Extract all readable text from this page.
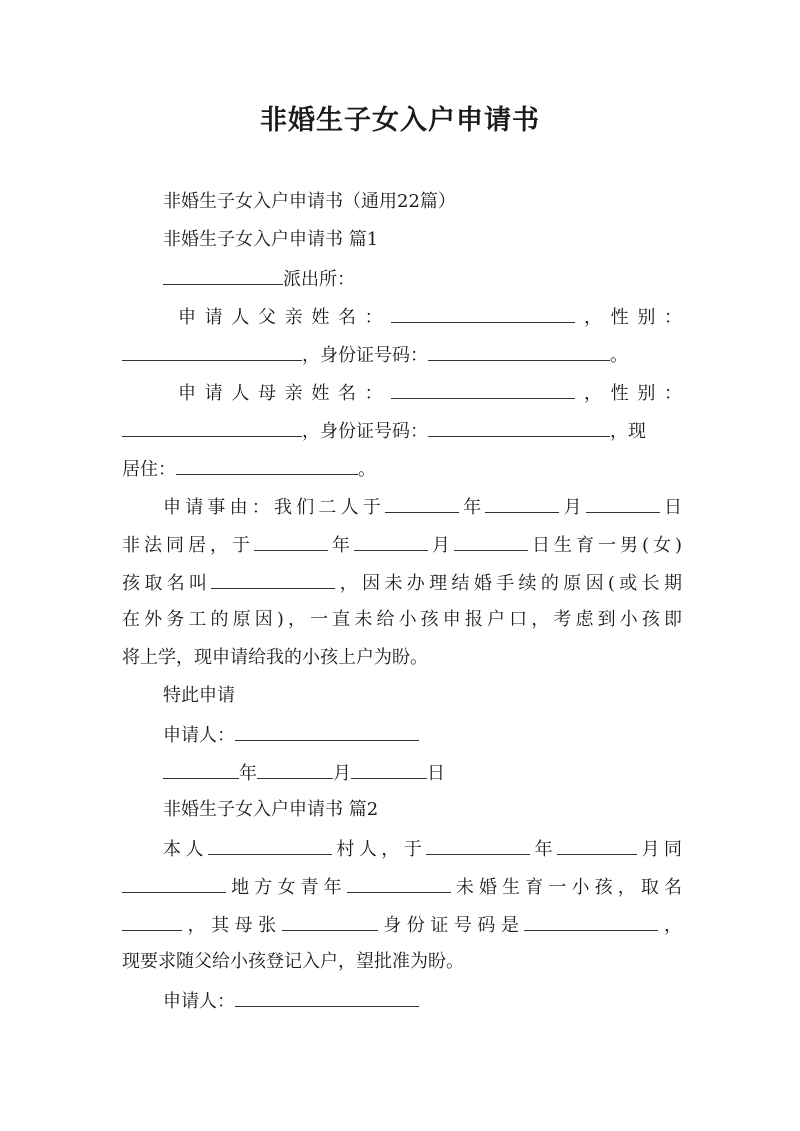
非婚生子女入户申请书
非婚生子女入户申请书（通用22篇）
非婚生子女入户申请书 篇1
派出所：
申请人父亲姓名：	，性别：
，身份证号码：	。
申请人母亲姓名：	，性别：
，身份证号码：	，现
居住：	。
申请事由：我们二人于	年	月	日
非法同居，于	年	月	日生育一男(女)
孩取名叫	，因未办理结婚手续的原因(或长期
在外务工的原因)，一直未给小孩申报户口，考虑到小孩即
将上学，现申请给我的小孩上户为盼。
特此申请
申请人：
年	月	日
非婚生子女入户申请书 篇2
本人	村人，于	年	月同
地方女青年	未婚生育一小孩，取名
，其母张	身份证号码是	，
现要求随父给小孩登记入户，望批准为盼。
申请人：
